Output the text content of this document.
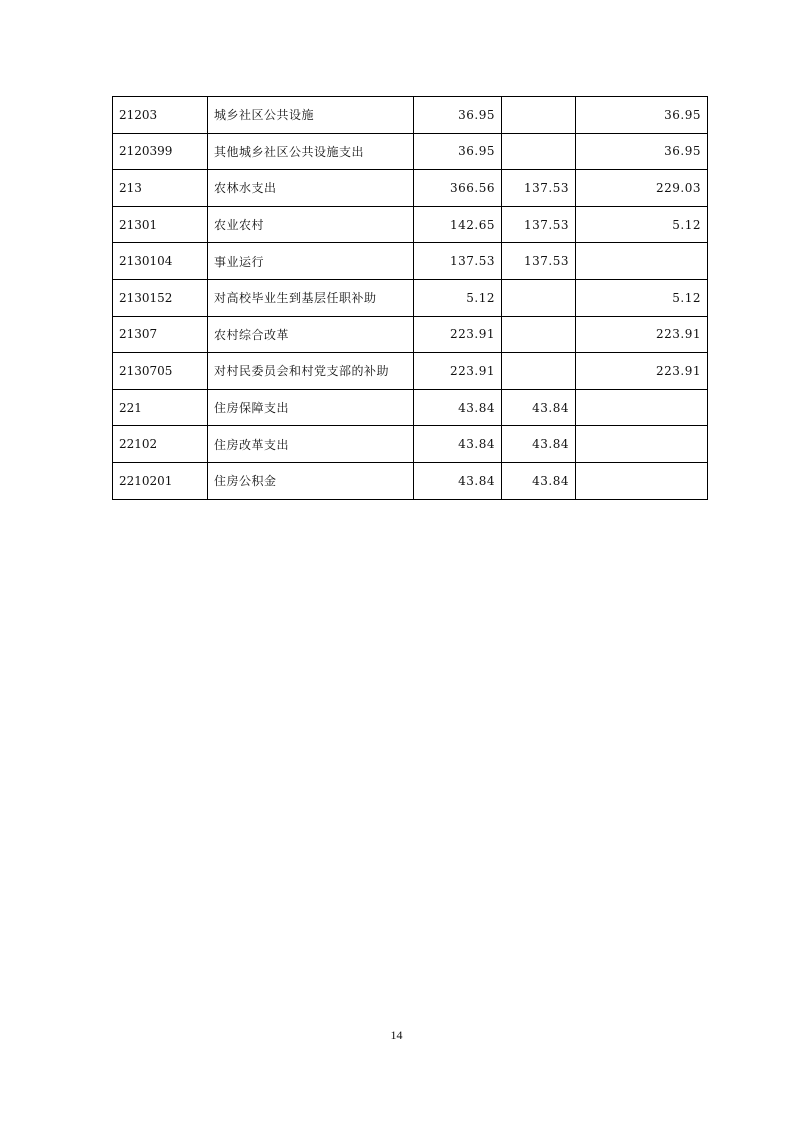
21203	城乡社区公共设施	36.95		36.95
2120399	其他城乡社区公共设施支出	36.95		36.95
213	农林水支出	366.56	137.53	229.03
21301	农业农村	142.65	137.53	5.12
2130104	事业运行	137.53	137.53	
2130152	对高校毕业生到基层任职补助	5.12		5.12
21307	农村综合改革	223.91		223.91
2130705	对村民委员会和村党支部的补助	223.91		223.91
221	住房保障支出	43.84	43.84	
22102	住房改革支出	43.84	43.84	
2210201	住房公积金	43.84	43.84	
14
